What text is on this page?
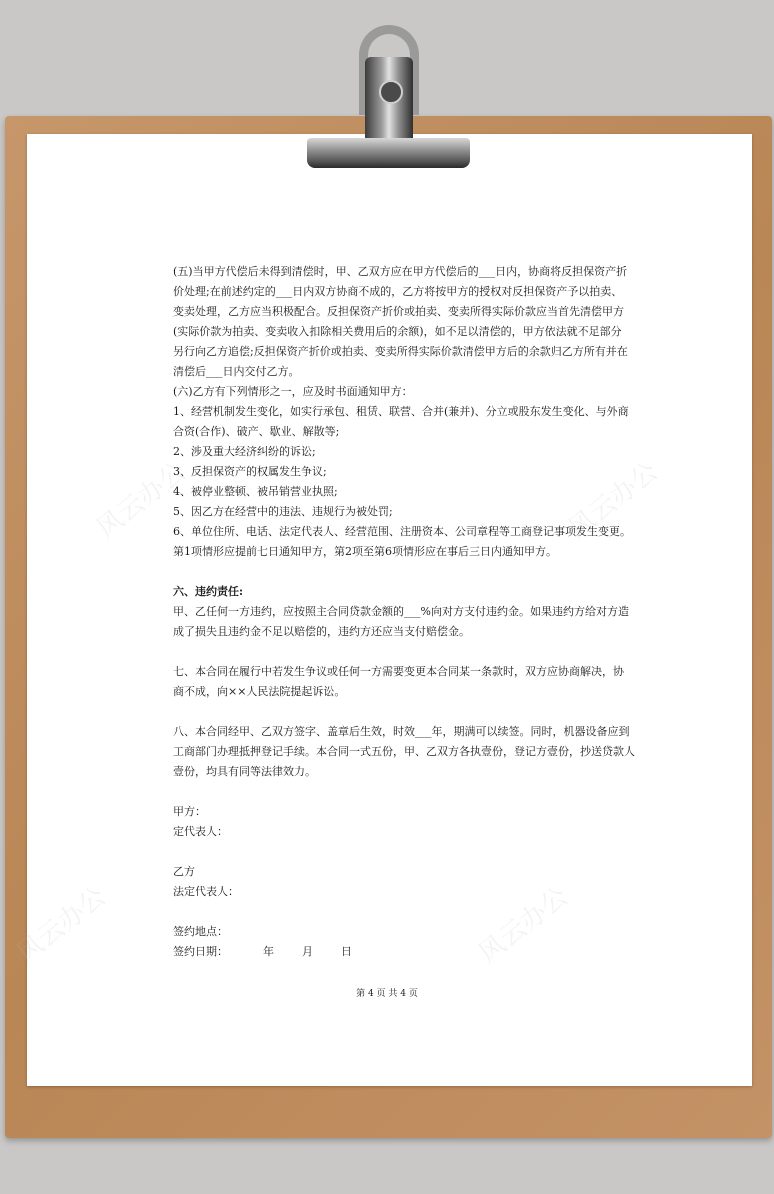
风云办公	风云办公
风云办公	风云办公
(五)当甲方代偿后未得到清偿时，甲、乙双方应在甲方代偿后的___日内，协商将反担保资产折
价处理;在前述约定的___日内双方协商不成的，乙方将按甲方的授权对反担保资产予以拍卖、
变卖处理，乙方应当积极配合。反担保资产折价或拍卖、变卖所得实际价款应当首先清偿甲方
(实际价款为拍卖、变卖收入扣除相关费用后的余额)，如不足以清偿的，甲方依法就不足部分
另行向乙方追偿;反担保资产折价或拍卖、变卖所得实际价款清偿甲方后的余款归乙方所有并在
清偿后___日内交付乙方。
(六)乙方有下列情形之一，应及时书面通知甲方：
1、经营机制发生变化，如实行承包、租赁、联营、合并(兼并)、分立或股东发生变化、与外商
合资(合作)、破产、歇业、解散等;
2、涉及重大经济纠纷的诉讼;
3、反担保资产的权属发生争议;
4、被停业整顿、被吊销营业执照;
5、因乙方在经营中的违法、违规行为被处罚;
6、单位住所、电话、法定代表人、经营范围、注册资本、公司章程等工商登记事项发生变更。
第1项情形应提前七日通知甲方，第2项至第6项情形应在事后三日内通知甲方。
六、违约责任:
甲、乙任何一方违约，应按照主合同贷款金额的___%向对方支付违约金。如果违约方给对方造
成了损失且违约金不足以赔偿的，违约方还应当支付赔偿金。
七、本合同在履行中若发生争议或任何一方需要变更本合同某一条款时，双方应协商解决，协
商不成，向××人民法院提起诉讼。
八、本合同经甲、乙双方签字、盖章后生效，时效___年，期满可以续签。同时，机器设备应到
工商部门办理抵押登记手续。本合同一式五份，甲、乙双方各执壹份，登记方壹份，抄送贷款人
壹份，均具有同等法律效力。
甲方：
定代表人：
乙方
法定代表人：
签约地点：
签约日期：          年        月        日
第 4 页 共 4 页
